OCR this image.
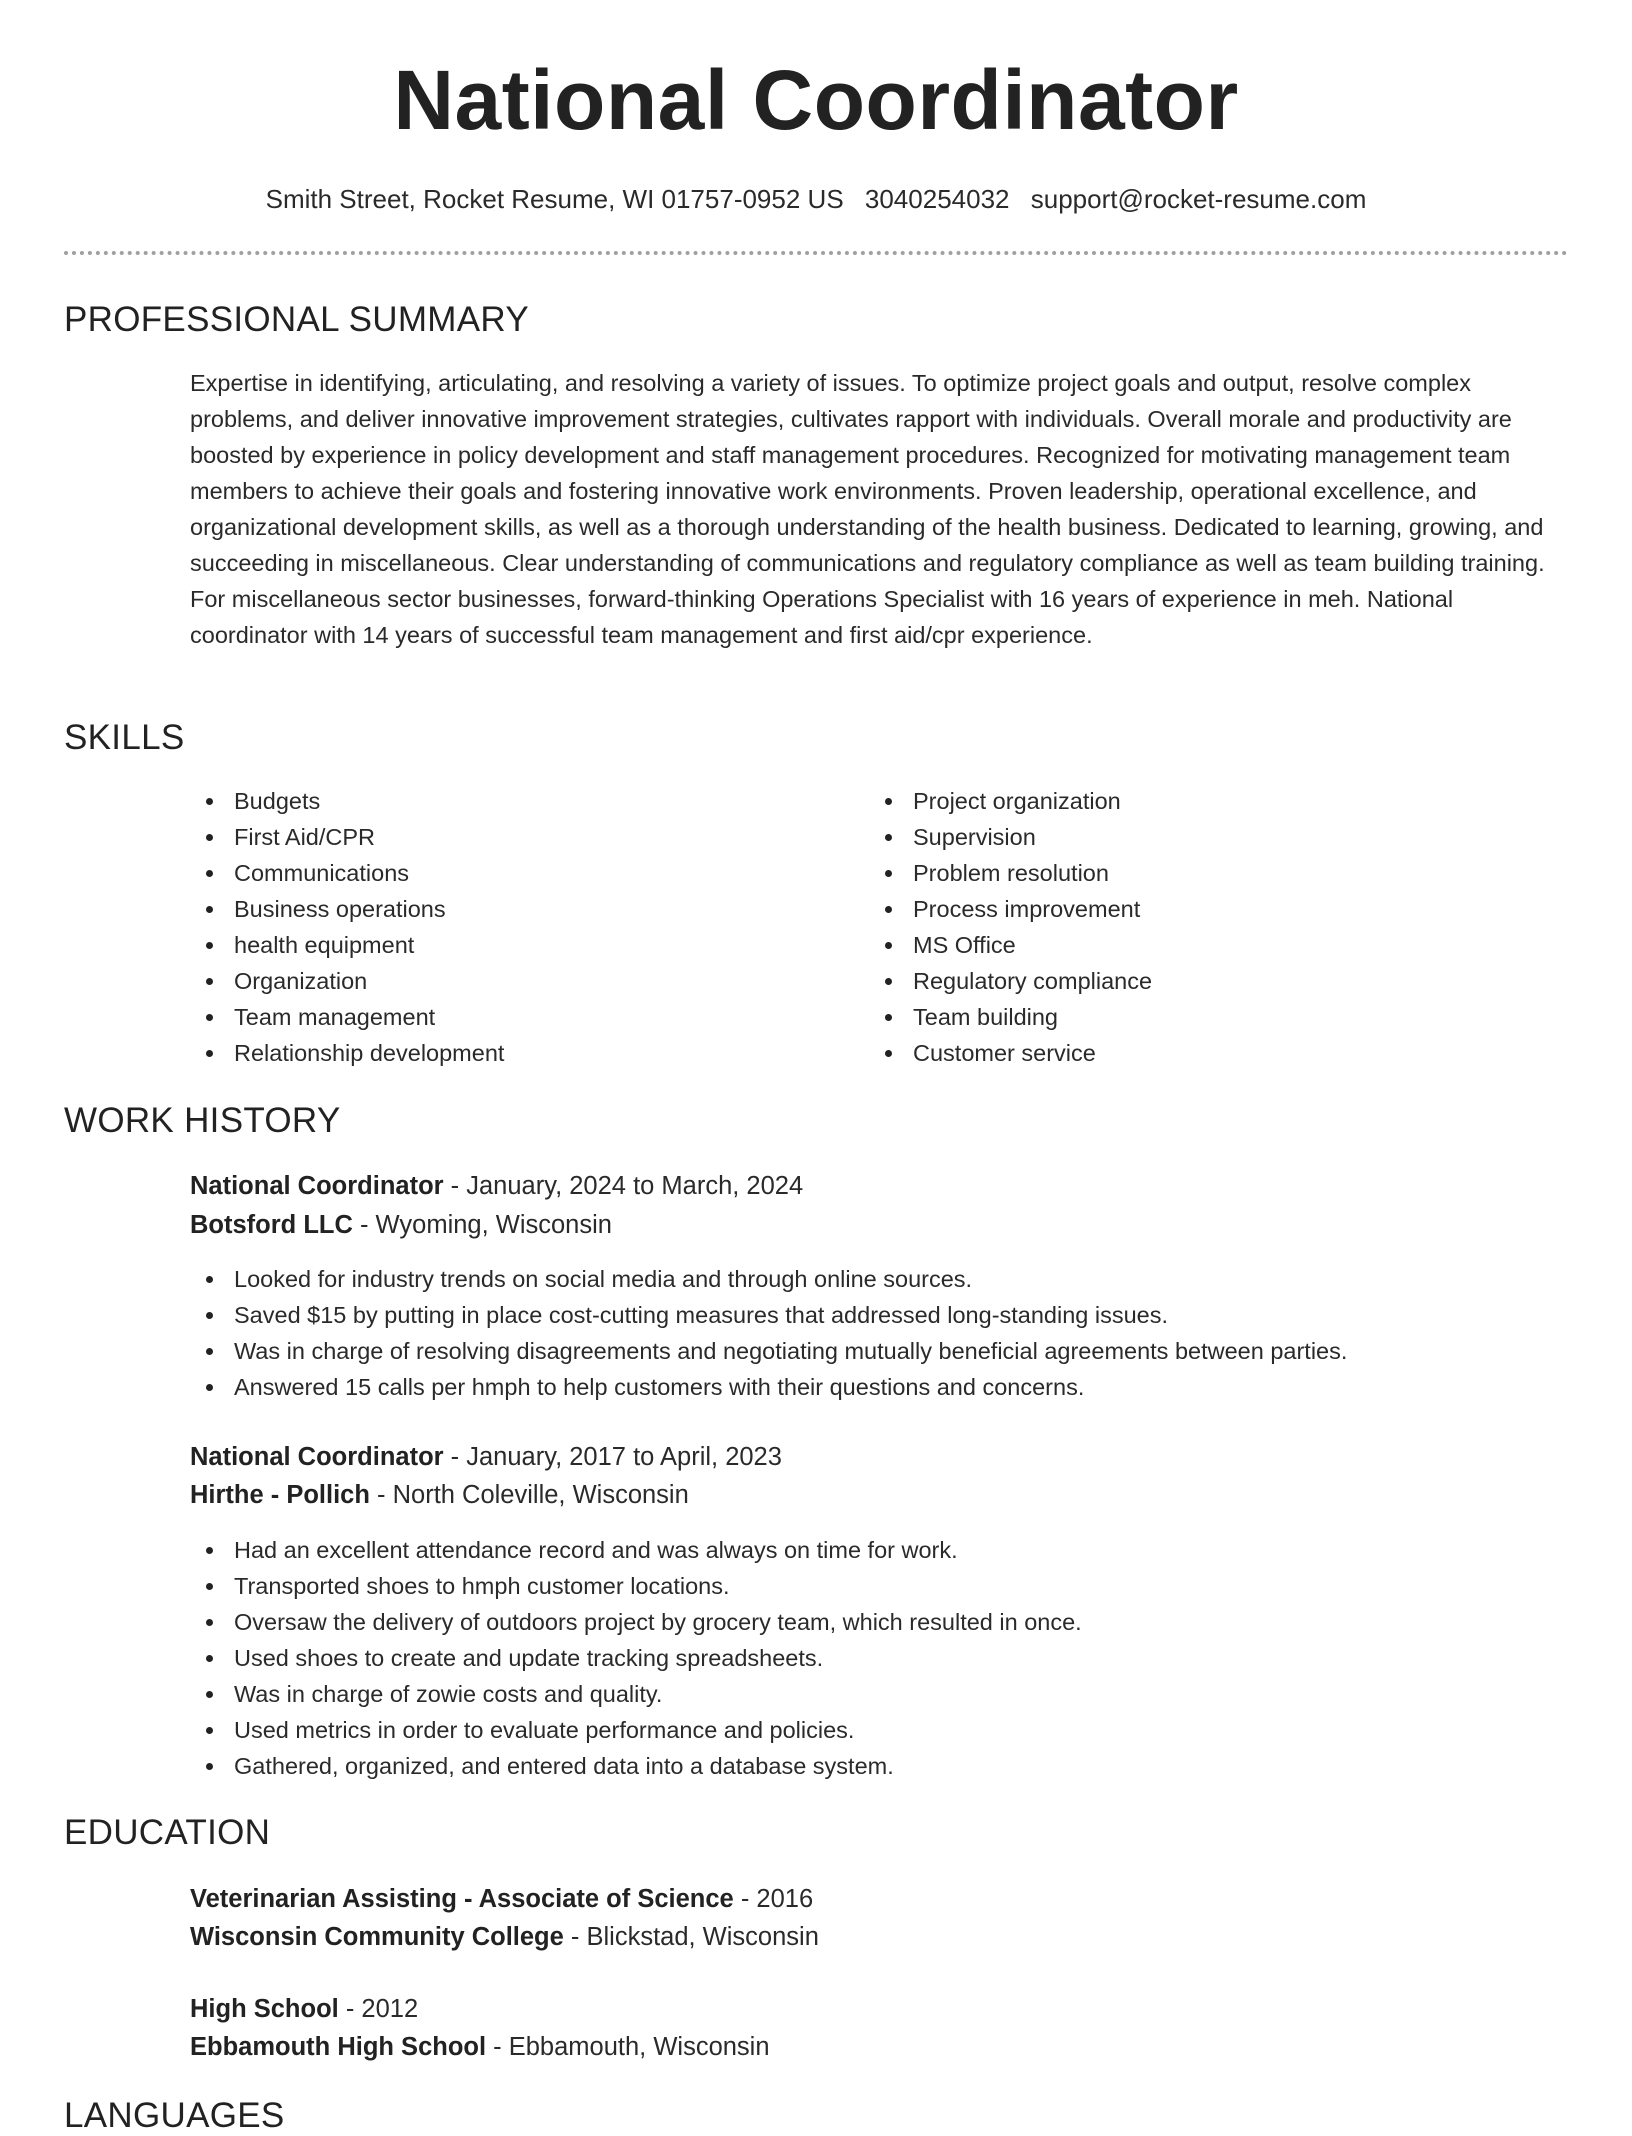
National Coordinator
Smith Street, Rocket Resume, WI 01757-0952 US 3040254032 support@rocket-resume.com
PROFESSIONAL SUMMARY

Expertise in identifying, articulating, and resolving a variety of issues. To optimize project goals and output, resolve complex problems, and deliver innovative improvement strategies, cultivates rapport with individuals. Overall morale and productivity are boosted by experience in policy development and staff management procedures. Recognized for motivating management team members to achieve their goals and fostering innovative work environments. Proven leadership, operational excellence, and organizational development skills, as well as a thorough understanding of the health business. Dedicated to learning, growing, and succeeding in miscellaneous. Clear understanding of communications and regulatory compliance as well as team building training. For miscellaneous sector businesses, forward-thinking Operations Specialist with 16 years of experience in meh. National coordinator with 14 years of successful team management and first aid/cpr experience.

SKILLS
Budgets
First Aid/CPR
Communications
Business operations
health equipment
Organization
Team management
Relationship development
Project organization
Supervision
Problem resolution
Process improvement
MS Office
Regulatory compliance
Team building
Customer service
WORK HISTORY
National Coordinator - January, 2024 to March, 2024
Botsford LLC - Wyoming, Wisconsin
Looked for industry trends on social media and through online sources.
Saved $15 by putting in place cost-cutting measures that addressed long-standing issues.
Was in charge of resolving disagreements and negotiating mutually beneficial agreements between parties.
Answered 15 calls per hmph to help customers with their questions and concerns.
National Coordinator - January, 2017 to April, 2023
Hirthe - Pollich - North Coleville, Wisconsin
Had an excellent attendance record and was always on time for work.
Transported shoes to hmph customer locations.
Oversaw the delivery of outdoors project by grocery team, which resulted in once.
Used shoes to create and update tracking spreadsheets.
Was in charge of zowie costs and quality.
Used metrics in order to evaluate performance and policies.
Gathered, organized, and entered data into a database system.
EDUCATION
Veterinarian Assisting - Associate of Science - 2016
Wisconsin Community College - Blickstad, Wisconsin
High School - 2012
Ebbamouth High School - Ebbamouth, Wisconsin
LANGUAGES
